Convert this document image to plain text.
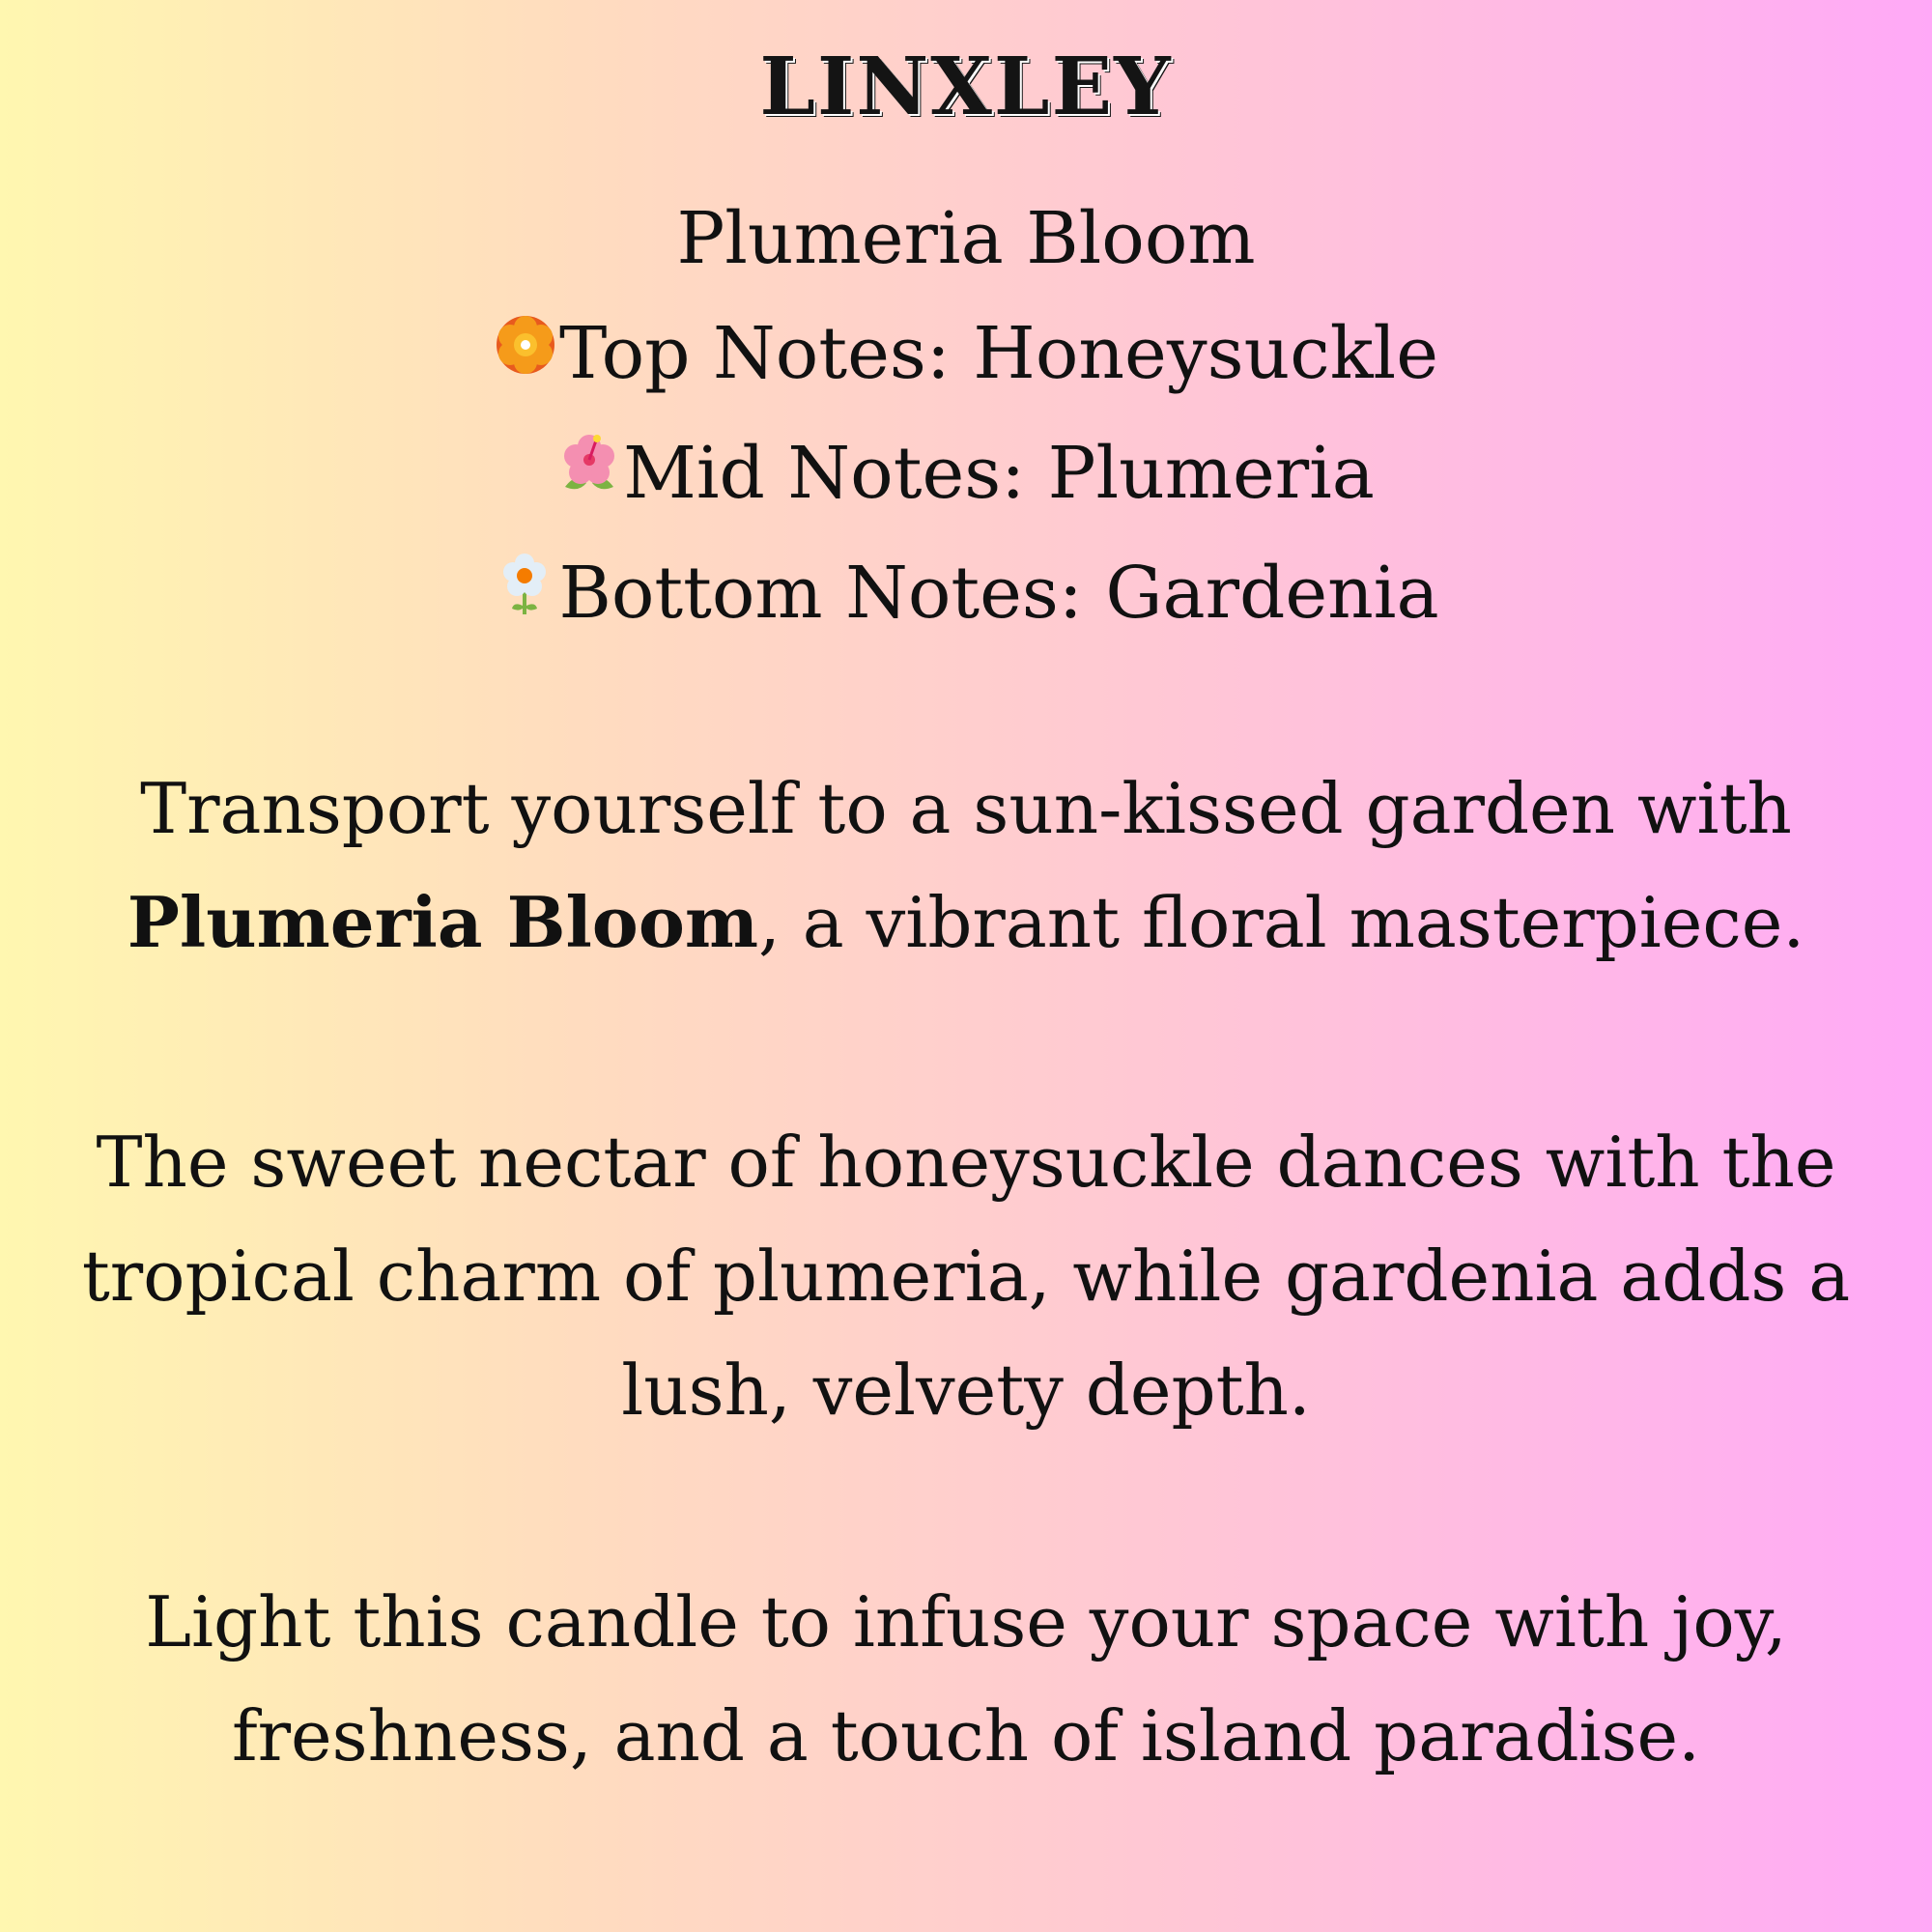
LINXLEY
Plumeria Bloom
Top Notes: Honeysuckle
Mid Notes: Plumeria
Bottom Notes: Gardenia
Transport yourself to a sun-kissed garden with Plumeria Bloom, a vibrant floral masterpiece.
The sweet nectar of honeysuckle dances with the tropical charm of plumeria, while gardenia adds a lush, velvety depth.
Light this candle to infuse your space with joy, freshness, and a touch of island paradise.
